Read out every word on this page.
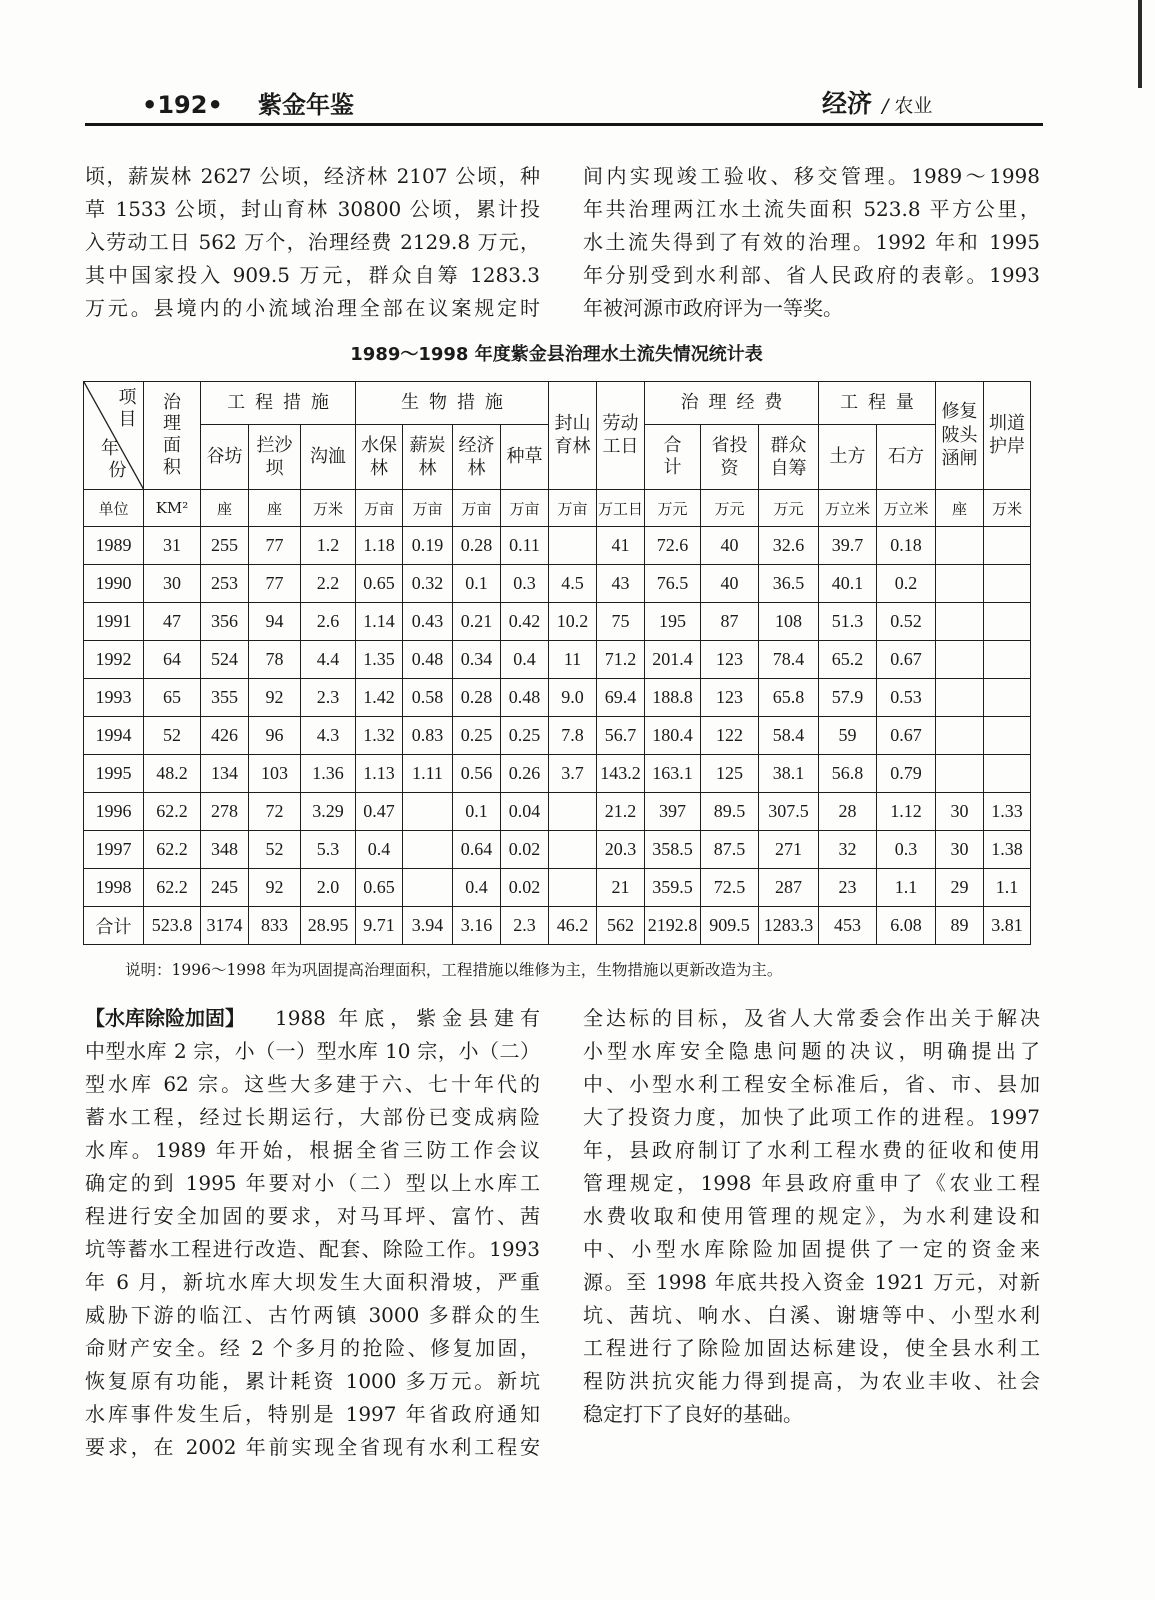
•192• 紫金年鉴	经济 / 农业
顷，薪炭林 2627 公顷，经济林 2107 公顷，种
草 1533 公顷，封山育林 30800 公顷，累计投
入劳动工日 562 万个，治理经费 2129.8 万元，
其中国家投入 909.5 万元，群众自筹 1283.3
万元。县境内的小流域治理全部在议案规定时
间内实现竣工验收、移交管理。1989～1998
年共治理两江水土流失面积 523.8 平方公里，
水土流失得到了有效的治理。1992 年和 1995
年分别受到水利部、省人民政府的表彰。1993
年被河源市政府评为一等奖。
1989～1998 年度紫金县治理水土流失情况统计表
项目
年份	治理面积	工程措施			生物措施				封山育林	劳动工日	治理经费			工程量		修复陂头涵闸	圳道护岸
		谷坊	拦沙坝	沟洫	水保林	薪炭林	经济林	种草			合计	省投资	群众自筹	土方	石方		
单位	KM²	座	座	万米	万亩	万亩	万亩	万亩	万亩	万工日	万元	万元	万元	万立米	万立米	座	万米
1989	31	255	77	1.2	1.18	0.19	0.28	0.11		41	72.6	40	32.6	39.7	0.18		
1990	30	253	77	2.2	0.65	0.32	0.1	0.3	4.5	43	76.5	40	36.5	40.1	0.2		
1991	47	356	94	2.6	1.14	0.43	0.21	0.42	10.2	75	195	87	108	51.3	0.52		
1992	64	524	78	4.4	1.35	0.48	0.34	0.4	11	71.2	201.4	123	78.4	65.2	0.67		
1993	65	355	92	2.3	1.42	0.58	0.28	0.48	9.0	69.4	188.8	123	65.8	57.9	0.53		
1994	52	426	96	4.3	1.32	0.83	0.25	0.25	7.8	56.7	180.4	122	58.4	59	0.67		
1995	48.2	134	103	1.36	1.13	1.11	0.56	0.26	3.7	143.2	163.1	125	38.1	56.8	0.79		
1996	62.2	278	72	3.29	0.47		0.1	0.04		21.2	397	89.5	307.5	28	1.12	30	1.33
1997	62.2	348	52	5.3	0.4		0.64	0.02		20.3	358.5	87.5	271	32	0.3	30	1.38
1998	62.2	245	92	2.0	0.65		0.4	0.02		21	359.5	72.5	287	23	1.1	29	1.1
合计	523.8	3174	833	28.95	9.71	3.94	3.16	2.3	46.2	562	2192.8	909.5	1283.3	453	6.08	89	3.81
说明：1996～1998 年为巩固提高治理面积，工程措施以维修为主，生物措施以更新改造为主。
【水库除险加固】 1988 年底，紫金县建有
中型水库 2 宗，小（一）型水库 10 宗，小（二）
型水库 62 宗。这些大多建于六、七十年代的
蓄水工程，经过长期运行，大部份已变成病险
水库。1989 年开始，根据全省三防工作会议
确定的到 1995 年要对小（二）型以上水库工
程进行安全加固的要求，对马耳坪、富竹、茜
坑等蓄水工程进行改造、配套、除险工作。1993
年 6 月，新坑水库大坝发生大面积滑坡，严重
威胁下游的临江、古竹两镇 3000 多群众的生
命财产安全。经 2 个多月的抢险、修复加固，
恢复原有功能，累计耗资 1000 多万元。新坑
水库事件发生后，特别是 1997 年省政府通知
要求，在 2002 年前实现全省现有水利工程安
全达标的目标，及省人大常委会作出关于解决
小型水库安全隐患问题的决议，明确提出了
中、小型水利工程安全标准后，省、市、县加
大了投资力度，加快了此项工作的进程。1997
年，县政府制订了水利工程水费的征收和使用
管理规定，1998 年县政府重申了《农业工程
水费收取和使用管理的规定》，为水利建设和
中、小型水库除险加固提供了一定的资金来
源。至 1998 年底共投入资金 1921 万元，对新
坑、茜坑、响水、白溪、谢塘等中、小型水利
工程进行了除险加固达标建设，使全县水利工
程防洪抗灾能力得到提高，为农业丰收、社会
稳定打下了良好的基础。
